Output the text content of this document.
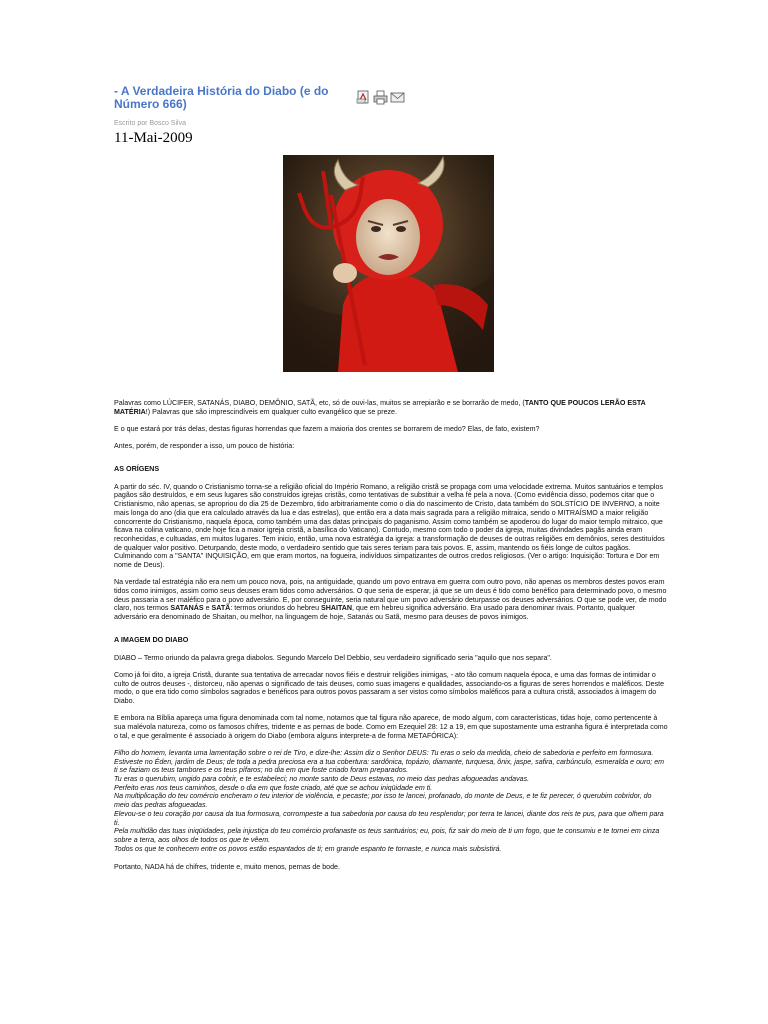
- A Verdadeira História do Diabo (e do Número 666)
Escrito por Bosco Silva
11-Mai-2009

Palavras como LÚCIFER, SATANÁS, DIABO, DEMÔNIO, SATÃ, etc, só de ouvi-las, muitos se arrepiarão e se borrarão de medo, (TANTO QUE POUCOS LERÃO ESTA MATÉRIA!) Palavras que são imprescindíveis em qualquer culto evangélico que se preze.

E o que estará por trás delas, destas figuras horrendas que fazem a maioria dos crentes se borrarem de medo? Elas, de fato, existem?

Antes, porém, de responder a isso, um pouco de história:

AS ORÍGENS

A partir do séc. IV, quando o Cristianismo torna-se a religião oficial do Império Romano, a religião cristã se propaga com uma velocidade extrema. Muitos santuários e templos pagãos são destruídos, e em seus lugares são construídos igrejas cristãs, como tentativas de substituir a velha fé pela a nova. (Como evidência disso, podemos citar que o Cristianismo, não apenas, se apropriou do dia 25 de Dezembro, tido arbitrariamente como o dia do nascimento de Cristo, data também do SOLSTÍCIO DE INVERNO, a noite mais longa do ano (dia que era calculado através da lua e das estrelas), que então era a data mais sagrada para a religião mitraica, sendo o MITRAÍSMO a maior religião concorrente do Cristianismo, naquela época, como também uma das datas principais do paganismo. Assim como também se apoderou do lugar do maior templo mitraico, que ficava na colina vaticano, onde hoje fica a maior igreja cristã, a basílica do Vaticano). Contudo, mesmo com todo o poder da igreja, muitas divindades pagãs ainda eram reconhecidas, e cultuadas, em muitos lugares. Tem inicio, então, uma nova estratégia da igreja: a transformação de deuses de outras religiões em demônios, seres destituídos de qualquer valor positivo. Deturpando, deste modo, o verdadeiro sentido que tais seres teriam para tais povos. E, assim, mantendo os fiéis longe de cultos pagãos. Culminando com a "SANTA" INQUISIÇÃO, em que eram mortos, na fogueira, indivíduos simpatizantes de outros credos religiosos. (Ver o artigo: Inquisição: Tortura e Dor em nome de Deus).

Na verdade tal estratégia não era nem um pouco nova, pois, na antiguidade, quando um povo entrava em guerra com outro povo, não apenas os membros destes povos eram tidos como inimigos, assim como seus deuses eram tidos como adversários. O que seria de esperar, já que se um deus é tido como benéfico para determinado povo, o mesmo deus passaria a ser maléfico para o povo adversário. E, por conseguinte, seria natural que um povo adversário deturpasse os deuses adversários. O que se pode ver, de modo claro, nos termos SATANÁS e SATÃ: termos oriundos do hebreu SHAITAN, que em hebreu significa adversário. Era usado para denominar rivais. Portanto, qualquer adversário era denominado de Shaitan, ou melhor, na linguagem de hoje, Satanás ou Satã, mesmo para deuses de povos inimigos.

A IMAGEM DO DIABO

DIABO – Termo oriundo da palavra grega diabolos. Segundo Marcelo Del Debbio, seu verdadeiro significado seria "aquilo que nos separa".

Como já foi dito, a igreja Cristã, durante sua tentativa de arrecadar novos fiéis e destruir religiões inimigas, - ato tão comum naquela época, e uma das formas de intimidar o culto de outros deuses -, distorceu, não apenas o significado de tais deuses, como suas imagens e qualidades, associando-os a figuras de seres horrendos e maléficos. Deste modo, o que era tido como símbolos sagrados e benéficos para outros povos passaram a ser vistos como símbolos maléficos para a cultura cristã, associados à imagem do Diabo.

E embora na Bíblia apareça uma figura denominada com tal nome, notamos que tal figura não aparece, de modo algum, com características, tidas hoje, como pertencente à sua malévola natureza, como os famosos chifres, tridente e as pernas de bode. Como em Ezequiel 28: 12 a 19, em que supostamente uma estranha figura é interpretada como o tal, e que geralmente é associado à origem do Diabo (embora alguns interprete-a de forma METAFÓRICA):

Filho do homem, levanta uma lamentação sobre o rei de Tiro, e dize-lhe: Assim diz o Senhor DEUS: Tu eras o selo da medida, cheio de sabedoria e perfeito em formosura.
Estiveste no Éden, jardim de Deus; de toda a pedra preciosa era a tua cobertura: sardônica, topázio, diamante, turquesa, ônix, jaspe, safira, carbúnculo, esmeralda e ouro; em ti se faziam os teus tambores e os teus pífaros; no dia em que foste criado foram preparados.
Tu eras o querubim, ungido para cobrir, e te estabeleci; no monte santo de Deus estavas, no meio das pedras afogueadas andavas.
Perfeito eras nos teus caminhos, desde o dia em que foste criado, até que se achou iniqüidade em ti.
Na multiplicação do teu comércio encheram o teu interior de violência, e pecaste; por isso te lancei, profanado, do monte de Deus, e te fiz perecer, ó querubim cobridor, do meio das pedras afogueadas.
Elevou-se o teu coração por causa da tua formosura, corrompeste a tua sabedoria por causa do teu resplendor; por terra te lancei, diante dos reis te pus, para que olhem para ti.
Pela multidão das tuas iniqüidades, pela injustiça do teu comércio profanaste os teus santuários; eu, pois, fiz sair do meio de ti um fogo, que te consumiu e te tornei em cinza sobre a terra, aos olhos de todos os que te vêem.
Todos os que te conhecem entre os povos estão espantados de ti; em grande espanto te tornaste, e nunca mais subsistirá.

Portanto, NADA há de chifres, tridente e, muito menos, pernas de bode.
